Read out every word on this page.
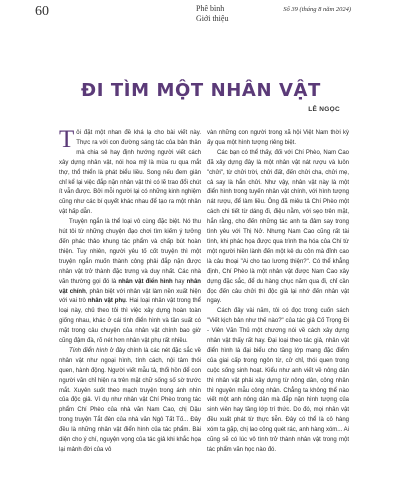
60	Phê bình
Giới thiệu
Số 39 (tháng 8 năm 2024)
ĐI TÌM MỘT NHÂN VẬT
LÊ NGỌC

Tôi đặt một nhan đề khá lạ cho bài viết này. Thực ra với con đường sáng tác của bản thân mà chia sẻ hay định hướng người viết cách xây dựng nhân vật, nói hoa mỹ là mùa ru qua mắt thợ, thổ thiển là phát biểu liều. Song nếu đem giản chỉ kể lại việc đắp nặn nhân vật thì có lẽ trao đổi chút ít vẫn được. Bởi mỗi người lại có những kinh nghiệm cũng như các bí quyết khác nhau để tạo ra một nhân vật hấp dẫn.

Truyện ngắn là thể loại vô cùng đặc biệt. Nó thu hút tôi từ những chuyện đạo chơi tìm kiếm ý tưởng đến phác thảo khung tác phẩm và chấp bút hoàn thiện. Tuy nhiên, người yêu tố cốt truyện thì một truyện ngắn muốn thành công phải đắp nặn được nhân vật trở thành đặc trưng và duy nhất. Các nhà văn thường gọi đó là nhân vật điển hình hay nhân vật chính, phân biệt với nhân vật làm nền xuất hiện với vai trò nhân vật phụ. Hai loại nhân vật trong thể loại này, chủ theo tôi thì việc xây dựng hoàn toàn giống nhau, khác ở cái tình điển hình và tần suất có mặt trong câu chuyện của nhân vật chính bao giờ cũng đậm đà, rõ nét hơn nhân vật phụ rất nhiều.

Tính điển hình ở đây chính là các nét đặc sắc về nhân vật như ngoại hình, tính cách, nội tâm thói quen, hành động. Người viết mẫu tả, thổi hồn để con người văn chỉ hiện ra trên mặt chữ sống số sờ trước mắt. Xuyên suốt theo mạch truyện trong ánh nhìn của độc giả. Ví dụ như nhân vật Chí Phèo trong tác phẩm Chí Phèo của nhà văn Nam Cao, chị Dậu trong truyện Tắt đèn của nhà văn Ngô Tất Tố... Đây đều là những nhân vật điển hình của tác phẩm. Bài diện cho ý chí, nguyện vọng của tác giả khi khắc họa lại mảnh đời của vô

vàn những con người trong xã hội Việt Nam thời kỳ ấy qua một hình tượng riêng biệt.

Các bạn có thể thấy, đối với Chí Phèo, Nam Cao đã xây dựng đây là một nhân vật nát rượu và luôn "chửi", từ chửi trời, chửi đất, đến chửi cha, chửi mẹ, cả say là hắn chửi. Như vậy, nhân vật này là một điển hình trong tuyến nhân vật chính, với hình tượng nát rượu, để làm liều. Ông đã miêu tả Chí Phèo một cách chi tiết từ dáng đi, điệu nằm, với sẹo trên mặt, hắn rằng, cho đến những tác anh ta đâm say trong tình yêu với Thị Nở. Nhưng Nam Cao cũng rất tài tình, khi phác họa được qua trình tha hóa của Chí từ một người hiền lành đến một kẻ du côn mà đỉnh cao là câu thoại "Ai cho tao lương thiện?". Có thể khẳng định, Chí Phèo là một nhân vật được Nam Cao xây dựng đặc sắc, để du hàng chục năm qua đi, chỉ cần đọc đến câu chửi thì độc giả lại nhớ đến nhân vật ngay.

Cách đây vài năm, tôi có đọc trong cuốn sách "Viết kịch bản như thế nào?" của tác giả Cố Trọng Đi - Viên Văn Thủ một chương nói về cách xây dựng nhân vật thấy rất hay. Đại loại theo tác giả, nhân vật điển hình là đại biểu cho tầng lớp mang đặc điểm của giai cấp trong ngôn từ, cử chỉ, thói quen trong cuộc sống sinh hoạt. Kiểu như anh viết về nông dân thì nhân vật phải xây dựng từ nông dân, công nhân thì nguyên mẫu công nhân. Chẳng ta không thể nào viết một anh nông dân mà đắp nặn hình tượng của sinh viên hay tầng lớp trí thức. Do đó, mọi nhân vật đều xuất phát từ thực tiễn. Đây có thể là cô hàng xóm ta gặp, chị lao công quét rác, anh hàng xóm... Ai cũng sẽ có lúc vô tình trở thành nhân vật trong một tác phẩm văn học nào đó.
